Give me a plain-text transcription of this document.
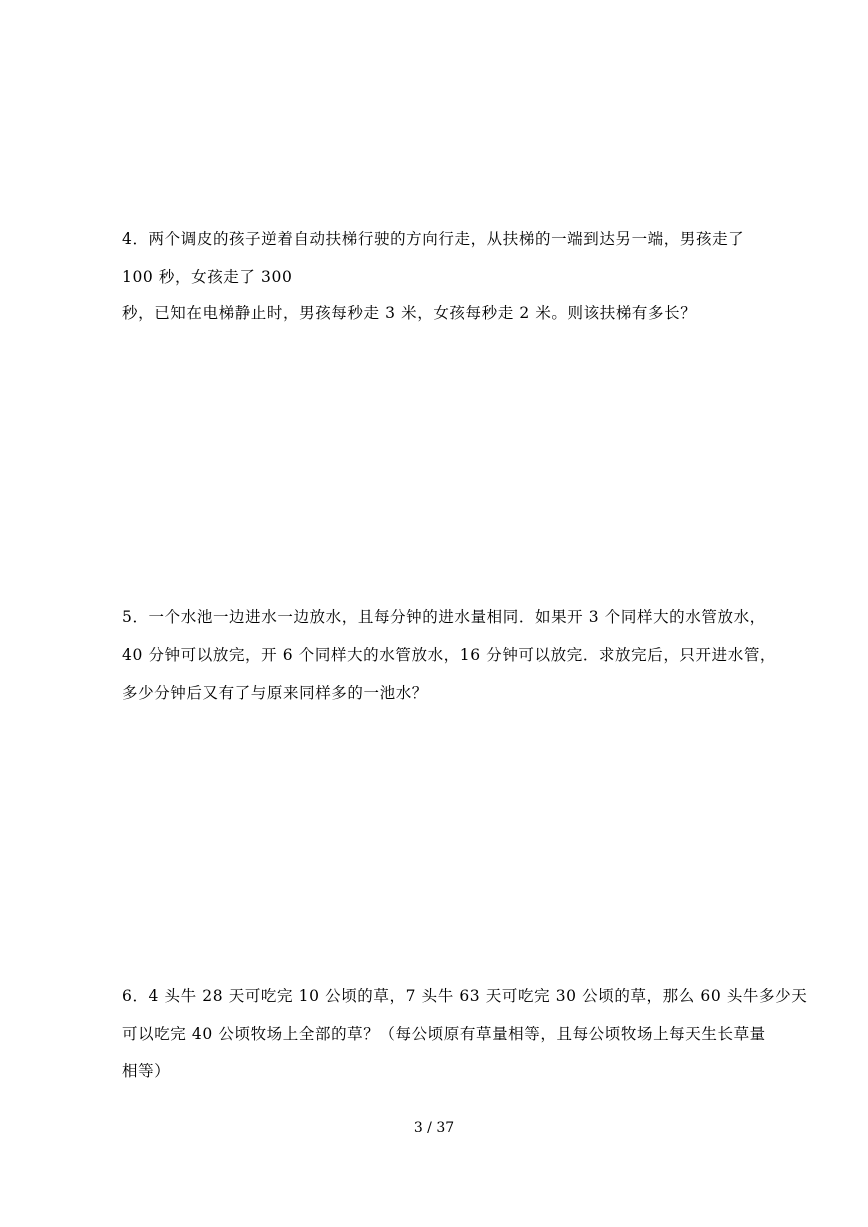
4．两个调皮的孩子逆着自动扶梯行驶的方向行走，从扶梯的一端到达另一端，男孩走了
100 秒，女孩走了 300
秒，已知在电梯静止时，男孩每秒走 3 米，女孩每秒走 2 米。则该扶梯有多长？
5．一个水池一边进水一边放水，且每分钟的进水量相同．如果开 3 个同样大的水管放水，
40 分钟可以放完，开 6 个同样大的水管放水，16 分钟可以放完．求放完后，只开进水管，
多少分钟后又有了与原来同样多的一池水？
6．4 头牛 28 天可吃完 10 公顷的草，7 头牛 63 天可吃完 30 公顷的草，那么 60 头牛多少天
可以吃完 40 公顷牧场上全部的草？（每公顷原有草量相等，且每公顷牧场上每天生长草量
相等）
3 / 37
